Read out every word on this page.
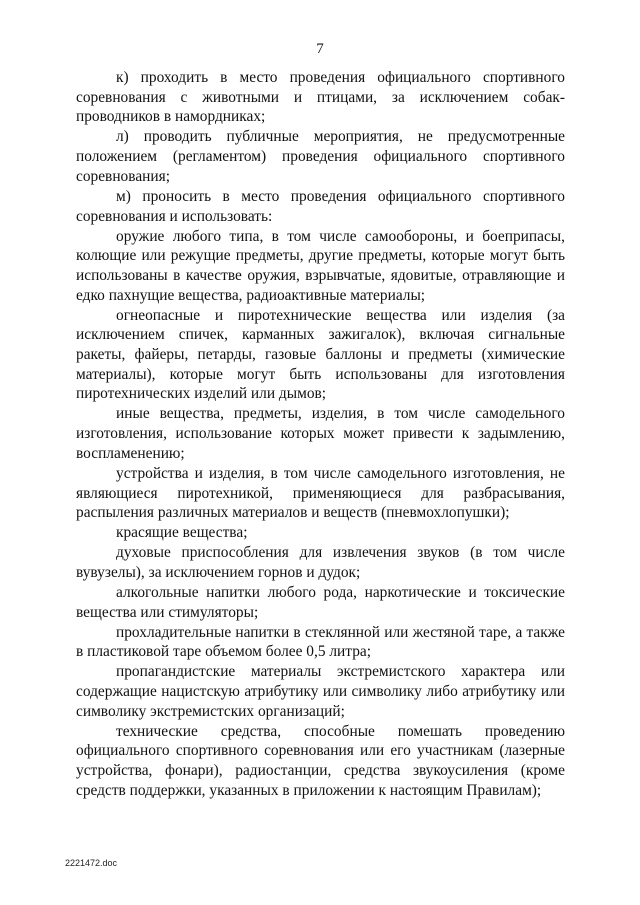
7

к) проходить в место проведения официального спортивного соревнования с животными и птицами, за исключением собак-проводников в намордниках;

л) проводить публичные мероприятия, не предусмотренные положением (регламентом) проведения официального спортивного соревнования;

м) проносить в место проведения официального спортивного соревнования и использовать:

оружие любого типа, в том числе самообороны, и боеприпасы, колющие или режущие предметы, другие предметы, которые могут быть использованы в качестве оружия, взрывчатые, ядовитые, отравляющие и едко пахнущие вещества, радиоактивные материалы;

огнеопасные и пиротехнические вещества или изделия (за исключением спичек, карманных зажигалок), включая сигнальные ракеты, файеры, петарды, газовые баллоны и предметы (химические материалы), которые могут быть использованы для изготовления пиротехнических изделий или дымов;

иные вещества, предметы, изделия, в том числе самодельного изготовления, использование которых может привести к задымлению, воспламенению;

устройства и изделия, в том числе самодельного изготовления, не являющиеся пиротехникой, применяющиеся для разбрасывания, распыления различных материалов и веществ (пневмохлопушки);

красящие вещества;

духовые приспособления для извлечения звуков (в том числе вувузелы), за исключением горнов и дудок;

алкогольные напитки любого рода, наркотические и токсические вещества или стимуляторы;

прохладительные напитки в стеклянной или жестяной таре, а также в пластиковой таре объемом более 0,5 литра;

пропагандистские материалы экстремистского характера или содержащие нацистскую атрибутику или символику либо атрибутику или символику экстремистских организаций;

технические средства, способные помешать проведению официального спортивного соревнования или его участникам (лазерные устройства, фонари), радиостанции, средства звукоусиления (кроме средств поддержки, указанных в приложении к настоящим Правилам);

2221472.doc
